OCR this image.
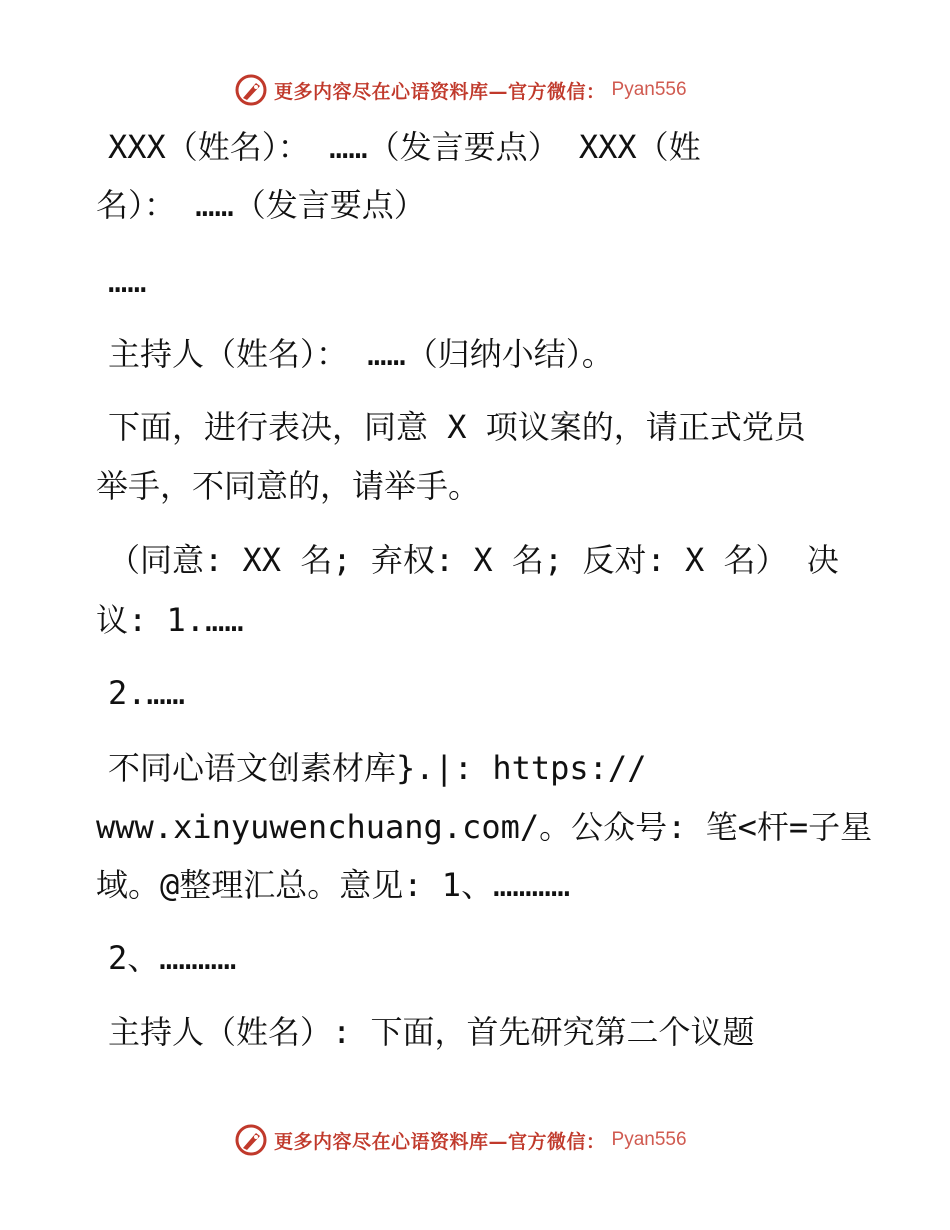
更多内容尽在心语资料库—官方微信： Pyan556
XXX（姓名）： ……（发言要点） XXX（姓
名）： ……（发言要点）
……
主持人（姓名）： ……（归纳小结）。
下面，进行表决，同意 X 项议案的，请正式党员
举手，不同意的，请举手。
（同意: XX 名; 弃权: X 名; 反对: X 名） 决
议: 1.……
2.……
不同心语文创素材库}.|: https://
www.xinyuwenchuang.com/。公众号: 笔<杆=子星
域。@整理汇总。意见: 1、…………
2、…………
主持人（姓名）: 下面，首先研究第二个议题
更多内容尽在心语资料库—官方微信： Pyan556
